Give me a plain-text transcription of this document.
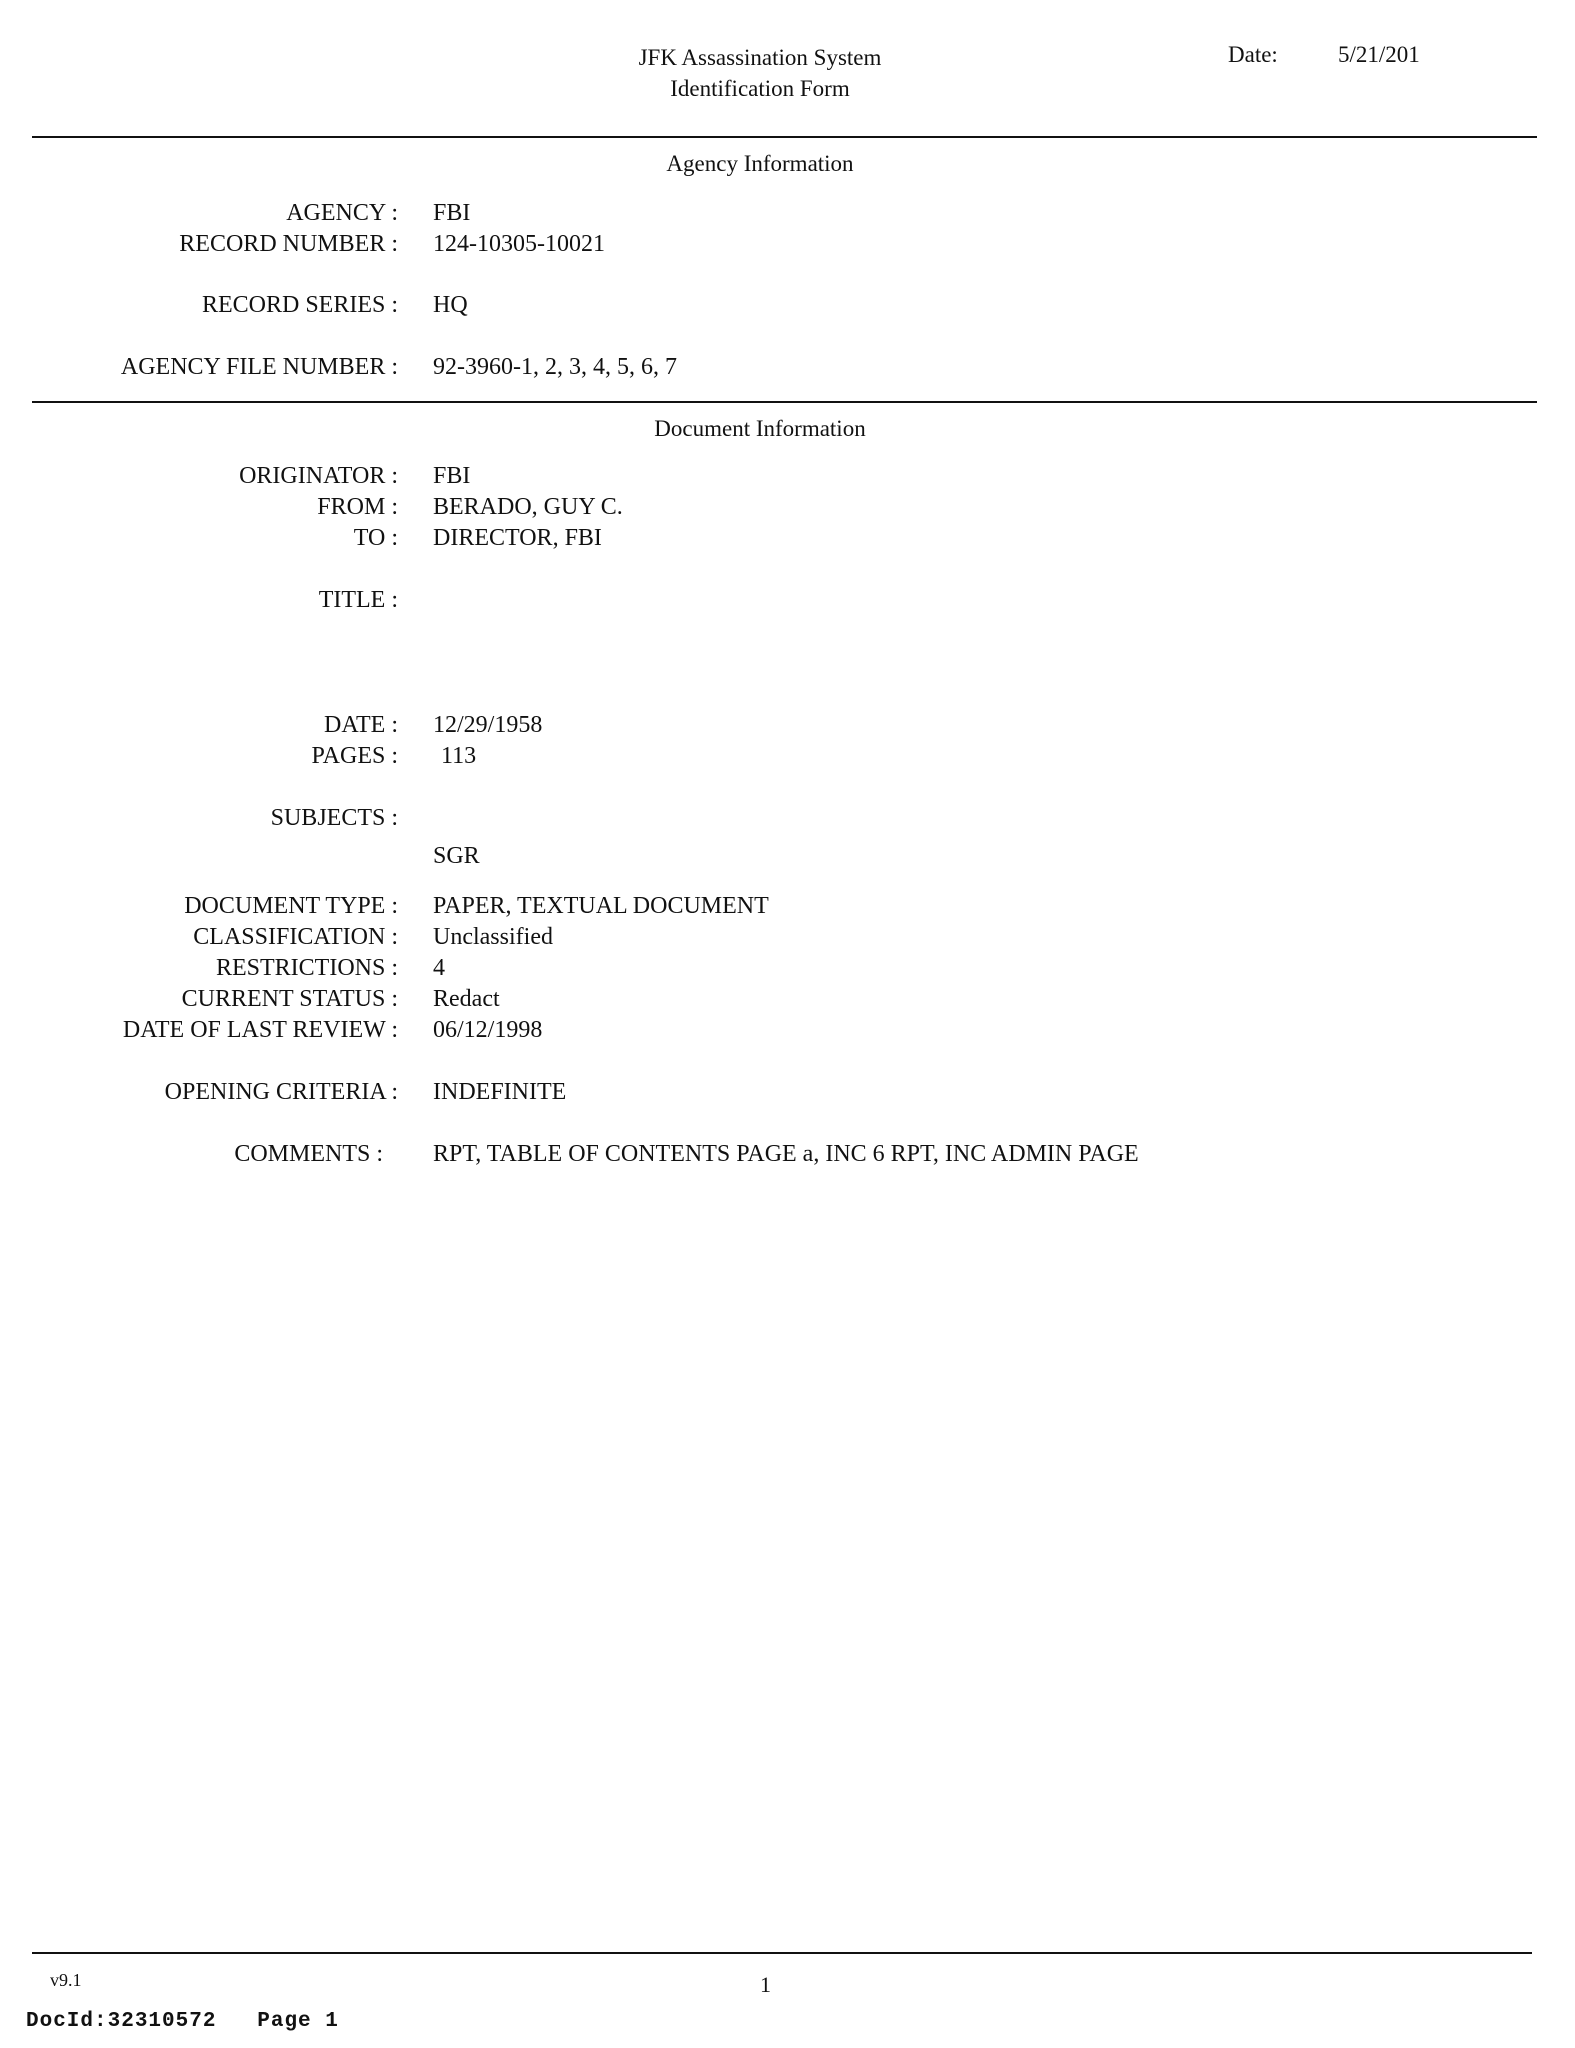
JFK Assassination System
Identification Form
Date:	5/21/201
Agency Information
AGENCY : FBI
RECORD NUMBER : 124-10305-10021
RECORD SERIES : HQ
AGENCY FILE NUMBER : 92-3960-1, 2, 3, 4, 5, 6, 7
Document Information
ORIGINATOR : FBI
FROM : BERADO, GUY C.
TO : DIRECTOR, FBI
TITLE :
DATE : 12/29/1958
PAGES : 113
SUBJECTS :
SGR
DOCUMENT TYPE : PAPER, TEXTUAL DOCUMENT
CLASSIFICATION : Unclassified
RESTRICTIONS : 4
CURRENT STATUS : Redact
DATE OF LAST REVIEW : 06/12/1998
OPENING CRITERIA : INDEFINITE
COMMENTS : RPT, TABLE OF CONTENTS PAGE a, INC 6 RPT, INC ADMIN PAGE
v9.1	1
DocId:32310572   Page 1
